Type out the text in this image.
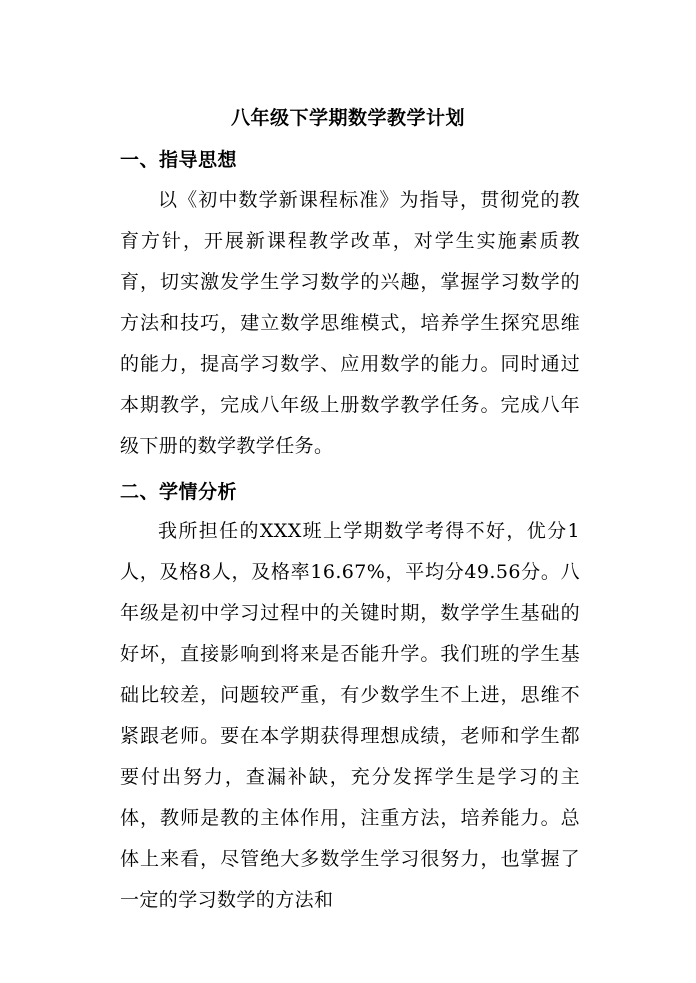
八年级下学期数学教学计划
一、指导思想

以《初中数学新课程标准》为指导，贯彻党的教育方针，开展新课程教学改革，对学生实施素质教育，切实激发学生学习数学的兴趣，掌握学习数学的方法和技巧，建立数学思维模式，培养学生探究思维的能力，提高学习数学、应用数学的能力。同时通过本期教学，完成八年级上册数学教学任务。完成八年级下册的数学教学任务。

二、学情分析

我所担任的XXX班上学期数学考得不好，优分1人，及格8人，及格率16.67%，平均分49.56分。八年级是初中学习过程中的关键时期，数学学生基础的好坏，直接影响到将来是否能升学。我们班的学生基础比较差，问题较严重，有少数学生不上进，思维不紧跟老师。要在本学期获得理想成绩，老师和学生都要付出努力，查漏补缺，充分发挥学生是学习的主体，教师是教的主体作用，注重方法，培养能力。总体上来看，尽管绝大多数学生学习很努力，也掌握了一定的学习数学的方法和
